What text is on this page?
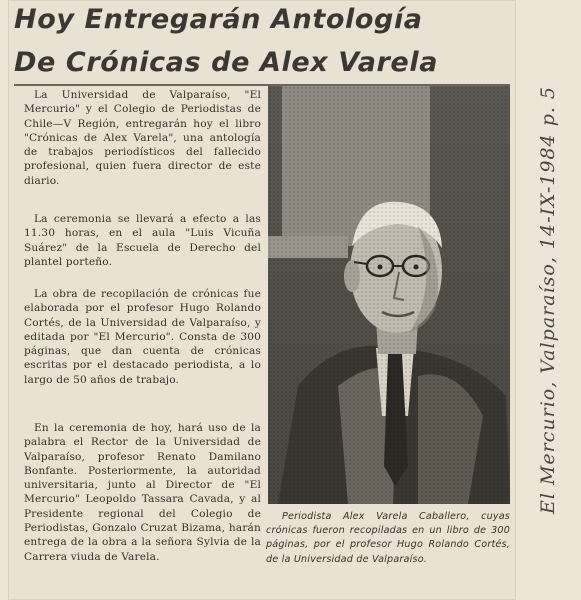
Hoy Entregarán Antología
De Crónicas de Alex Varela

La Universidad de Valparaíso, "El Mercurio" y el Colegio de Periodistas de Chile—V Región, entregarán hoy el libro "Crónicas de Alex Varela", una antología de trabajos periodísticos del fallecido profesional, quien fuera director de este diario.

La ceremonia se llevará a efecto a las 11.30 horas, en el aula "Luis Vicuña Suárez" de la Escuela de Derecho del plantel porteño.

La obra de recopilación de crónicas fue elaborada por el profesor Hugo Rolando Cortés, de la Universidad de Valparaíso, y editada por "El Mercurio". Consta de 300 páginas, que dan cuenta de crónicas escritas por el destacado periodista, a lo largo de 50 años de trabajo.

En la ceremonia de hoy, hará uso de la palabra el Rector de la Universidad de Valparaíso, profesor Renato Damilano Bonfante. Posteriormente, la autoridad universitaria, junto al Director de "El Mercurio" Leopoldo Tassara Cavada, y al Presidente regional del Colegio de Periodistas, Gonzalo Cruzat Bizama, harán entrega de la obra a la señora Sylvia de la Carrera viuda de Varela.

Periodista Alex Varela Caballero, cuyas crónicas fueron recopiladas en un libro de 300 páginas, por el profesor Hugo Rolando Cortés, de la Universidad de Valparaíso.

El Mercurio, Valparaíso, 14-IX-1984 p. 5
